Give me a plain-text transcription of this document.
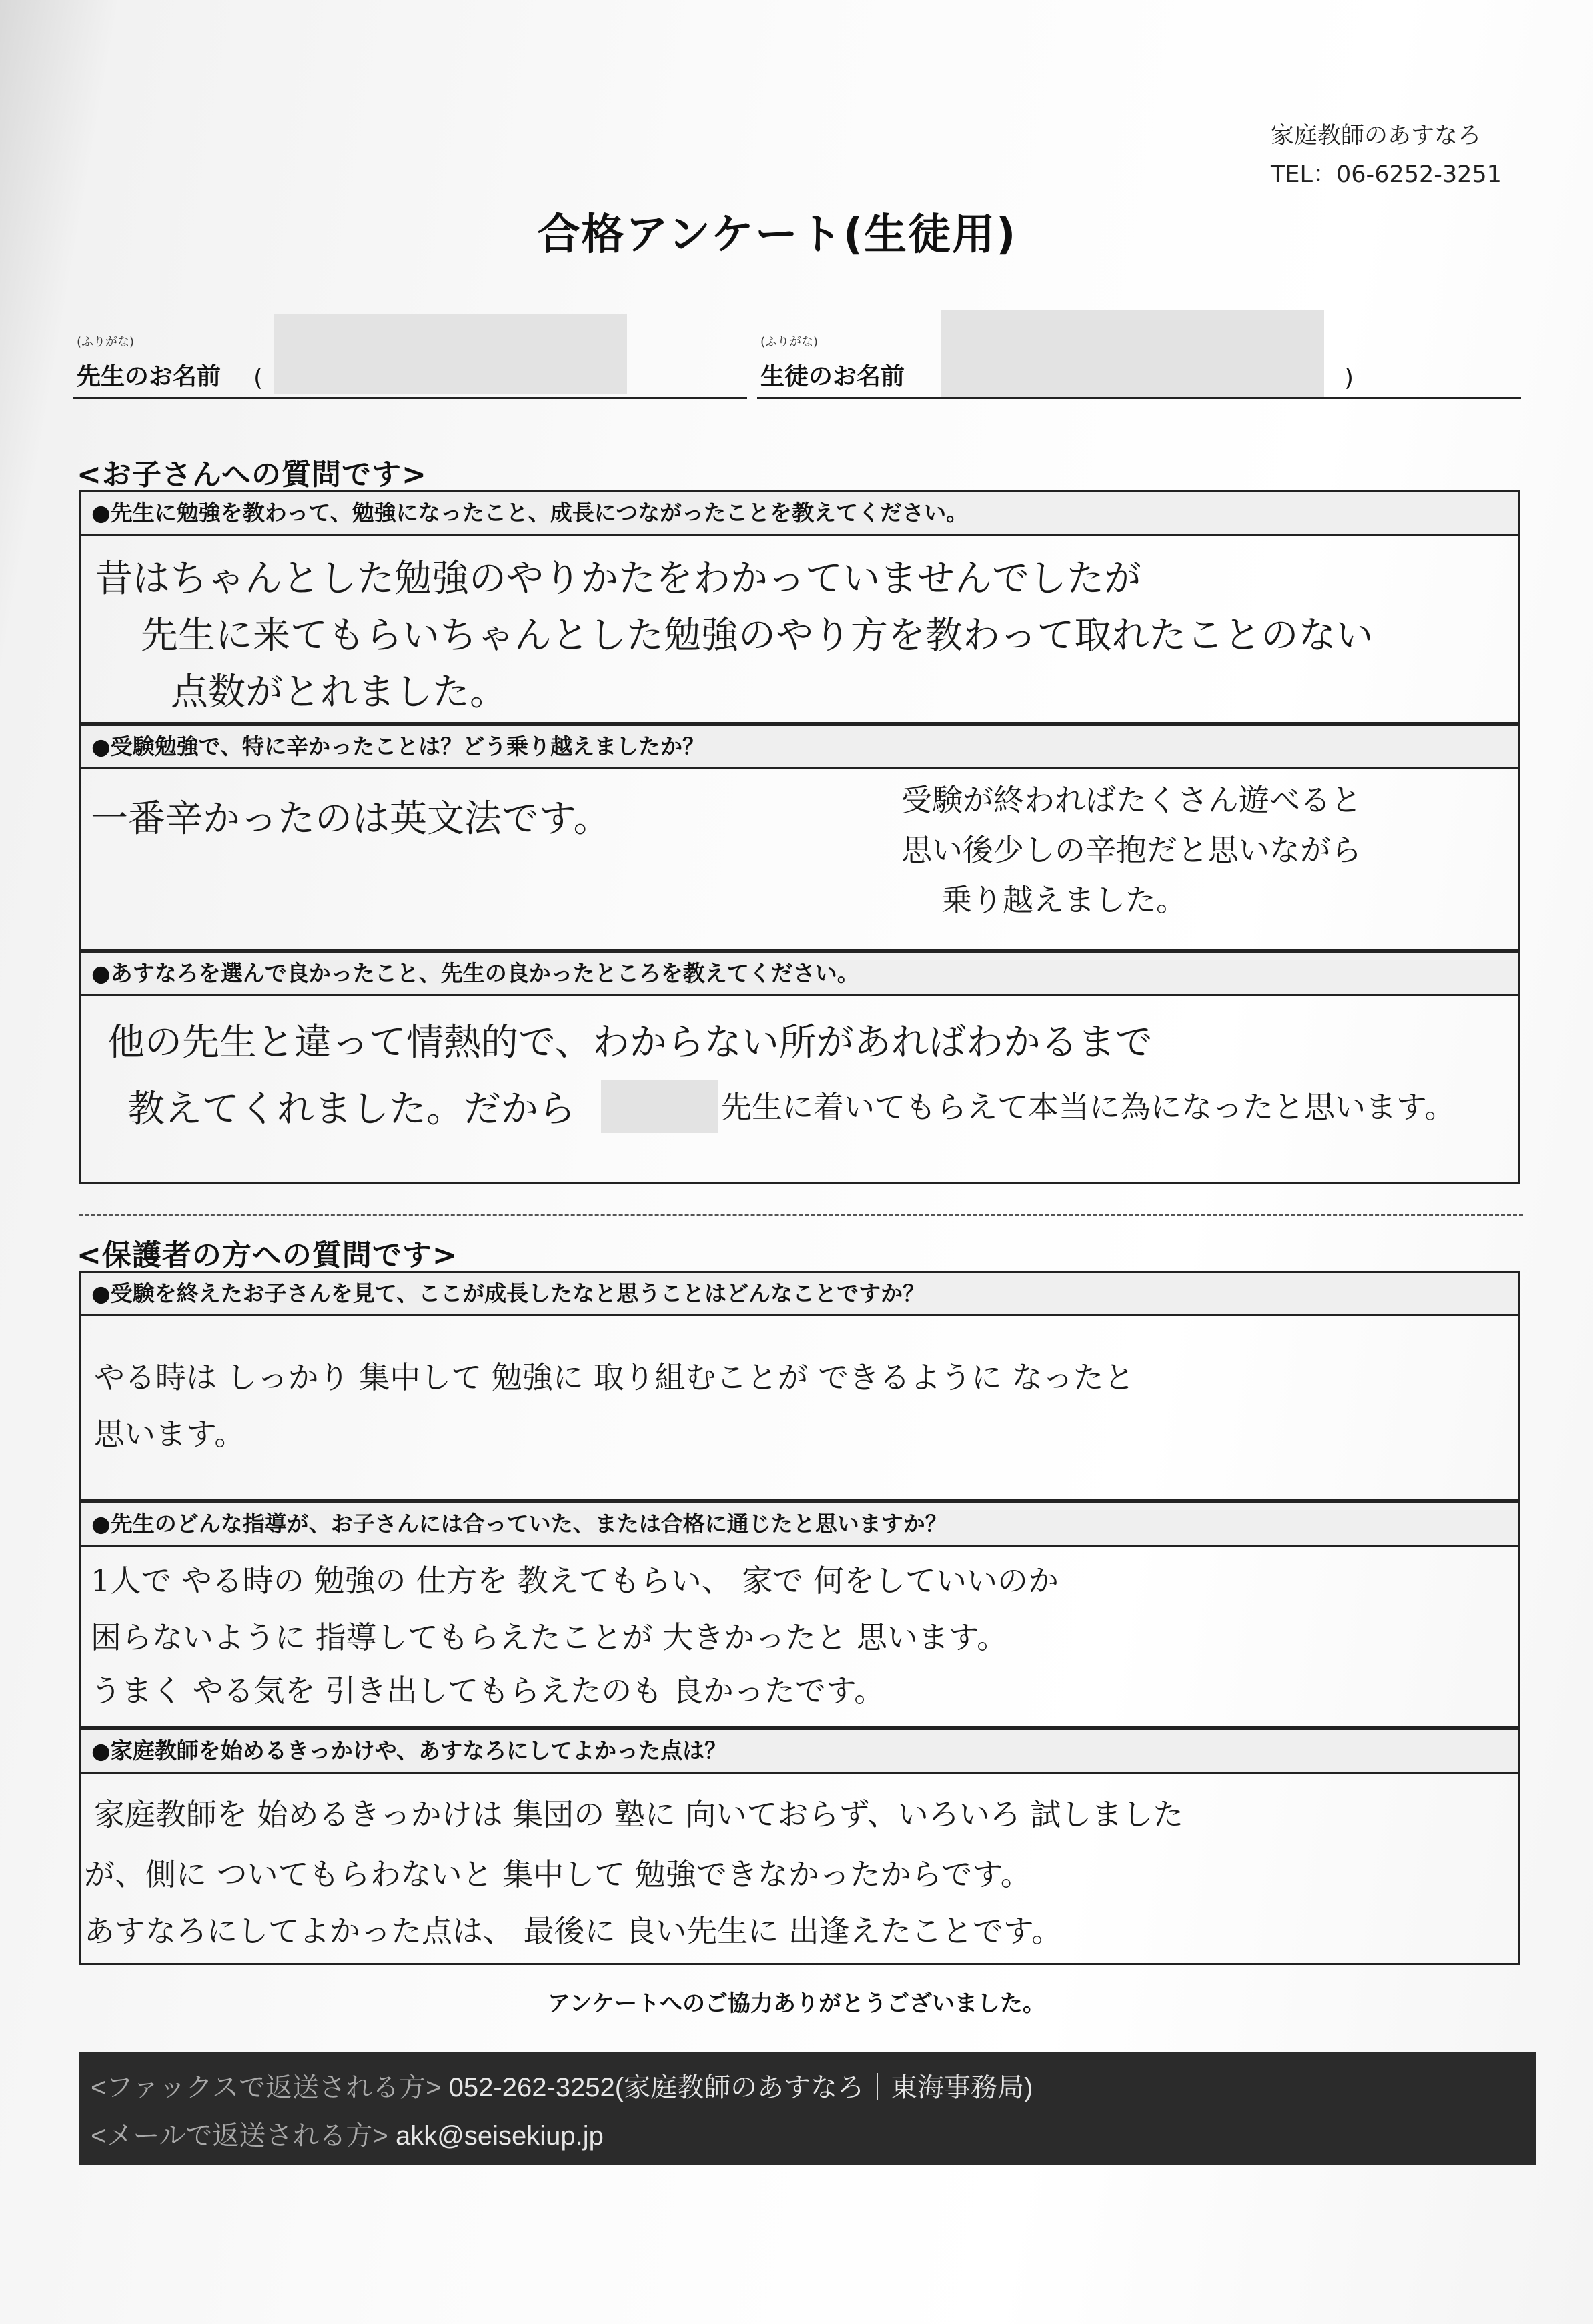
家庭教師のあすなろ
TEL：06-6252-3251
合格アンケート(生徒用)
(ふりがな)
先生のお名前 (
(ふりがな)
生徒のお名前	)
<お子さんへの質問です>
●先生に勉強を教わって、勉強になったこと、成長につながったことを教えてください。
昔はちゃんとした勉強のやりかたをわかっていませんでしたが
先生に来てもらいちゃんとした勉強のやり方を教わって取れたことのない
点数がとれました。
●受験勉強で、特に辛かったことは？どう乗り越えましたか？
一番辛かったのは英文法です。	受験が終わればたくさん遊べると
思い後少しの辛抱だと思いながら
乗り越えました。
●あすなろを選んで良かったこと、先生の良かったところを教えてください。
他の先生と違って情熱的で、わからない所があればわかるまで
教えてくれました。だから	先生に着いてもらえて本当に為になったと思います。
<保護者の方への質問です>
●受験を終えたお子さんを見て、ここが成長したなと思うことはどんなことですか？
やる時は しっかり 集中して 勉強に 取り組むことが できるように なったと
思います。
●先生のどんな指導が、お子さんには合っていた、または合格に通じたと思いますか？
1人で やる時の 勉強の 仕方を 教えてもらい、 家で 何をしていいのか
困らないように 指導してもらえたことが 大きかったと 思います。
うまく やる気を 引き出してもらえたのも 良かったです。
●家庭教師を始めるきっかけや、あすなろにしてよかった点は？
家庭教師を 始めるきっかけは 集団の 塾に 向いておらず、いろいろ 試しました
が、側に ついてもらわないと 集中して 勉強できなかったからです。
あすなろにしてよかった点は、 最後に 良い先生に 出逢えたことです。
アンケートへのご協力ありがとうございました。
<ファックスで返送される方> 052-262-3252(家庭教師のあすなろ｜東海事務局)
<メールで返送される方> akk@seisekiup.jp
